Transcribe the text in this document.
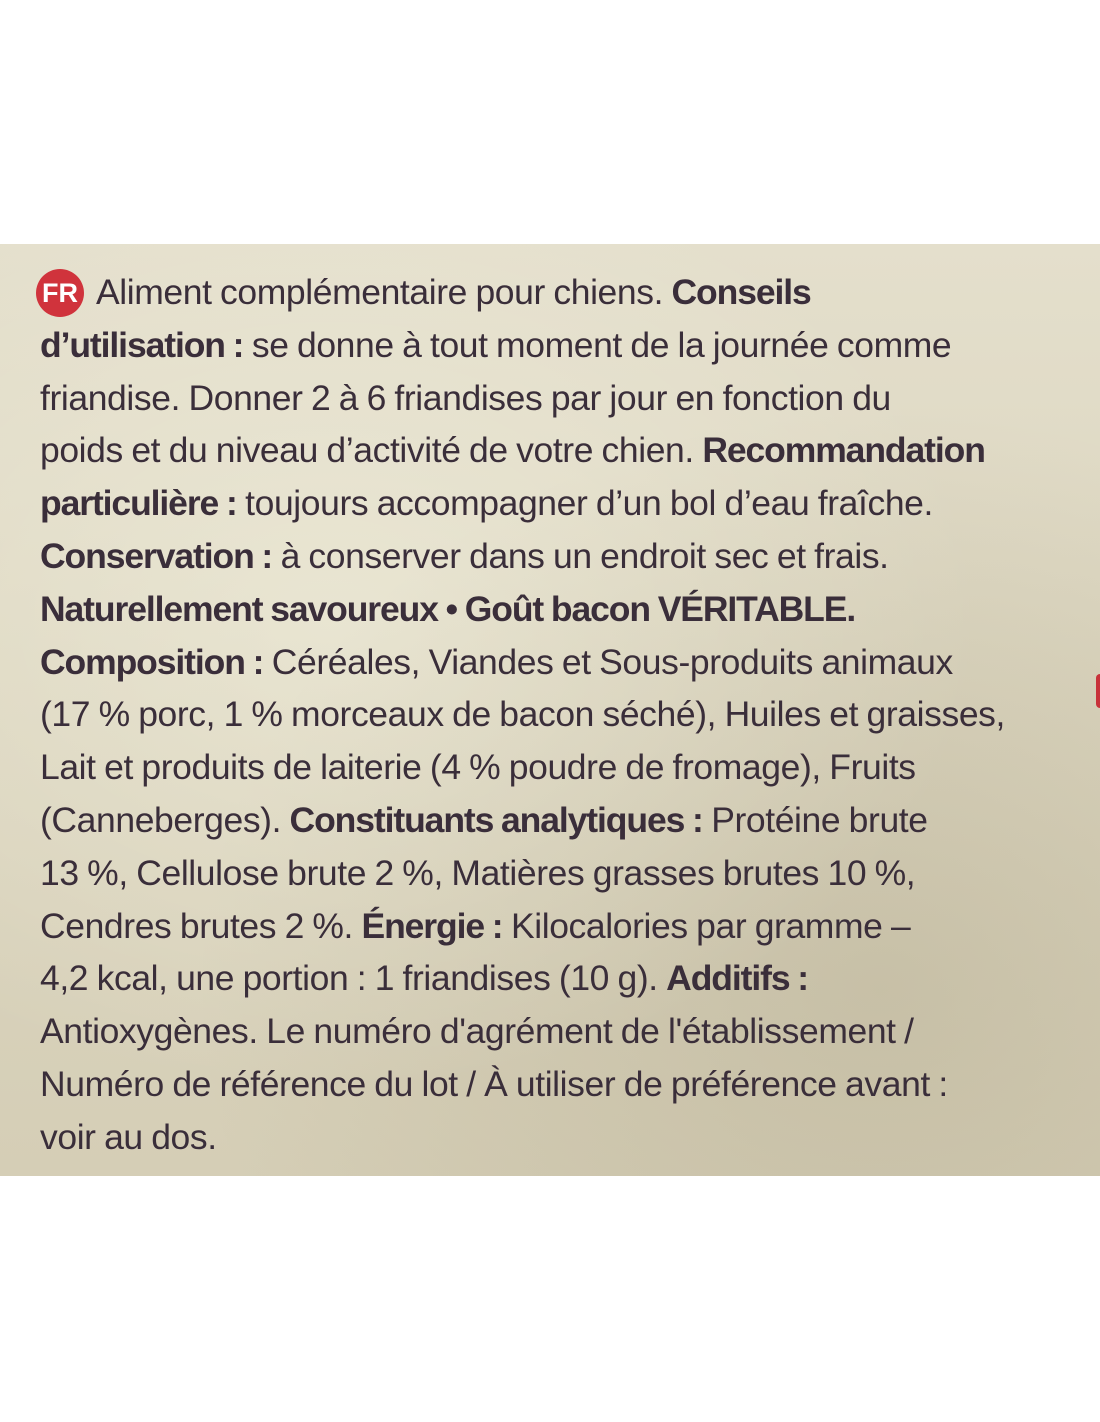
FR Aliment complémentaire pour chiens. Conseils
d’utilisation : se donne à tout moment de la journée comme
friandise. Donner 2 à 6 friandises par jour en fonction du
poids et du niveau d’activité de votre chien. Recommandation
particulière : toujours accompagner d’un bol d’eau fraîche.
Conservation : à conserver dans un endroit sec et frais.
Naturellement savoureux • Goût bacon VÉRITABLE.
Composition : Céréales, Viandes et Sous-produits animaux
(17 % porc, 1 % morceaux de bacon séché), Huiles et graisses,
Lait et produits de laiterie (4 % poudre de fromage), Fruits
(Canneberges). Constituants analytiques : Protéine brute
13 %, Cellulose brute 2 %, Matières grasses brutes 10 %,
Cendres brutes 2 %. Énergie : Kilocalories par gramme –
4,2 kcal, une portion : 1 friandises (10 g). Additifs :
Antioxygènes. Le numéro d'agrément de l'établissement /
Numéro de référence du lot / À utiliser de préférence avant :
voir au dos.
